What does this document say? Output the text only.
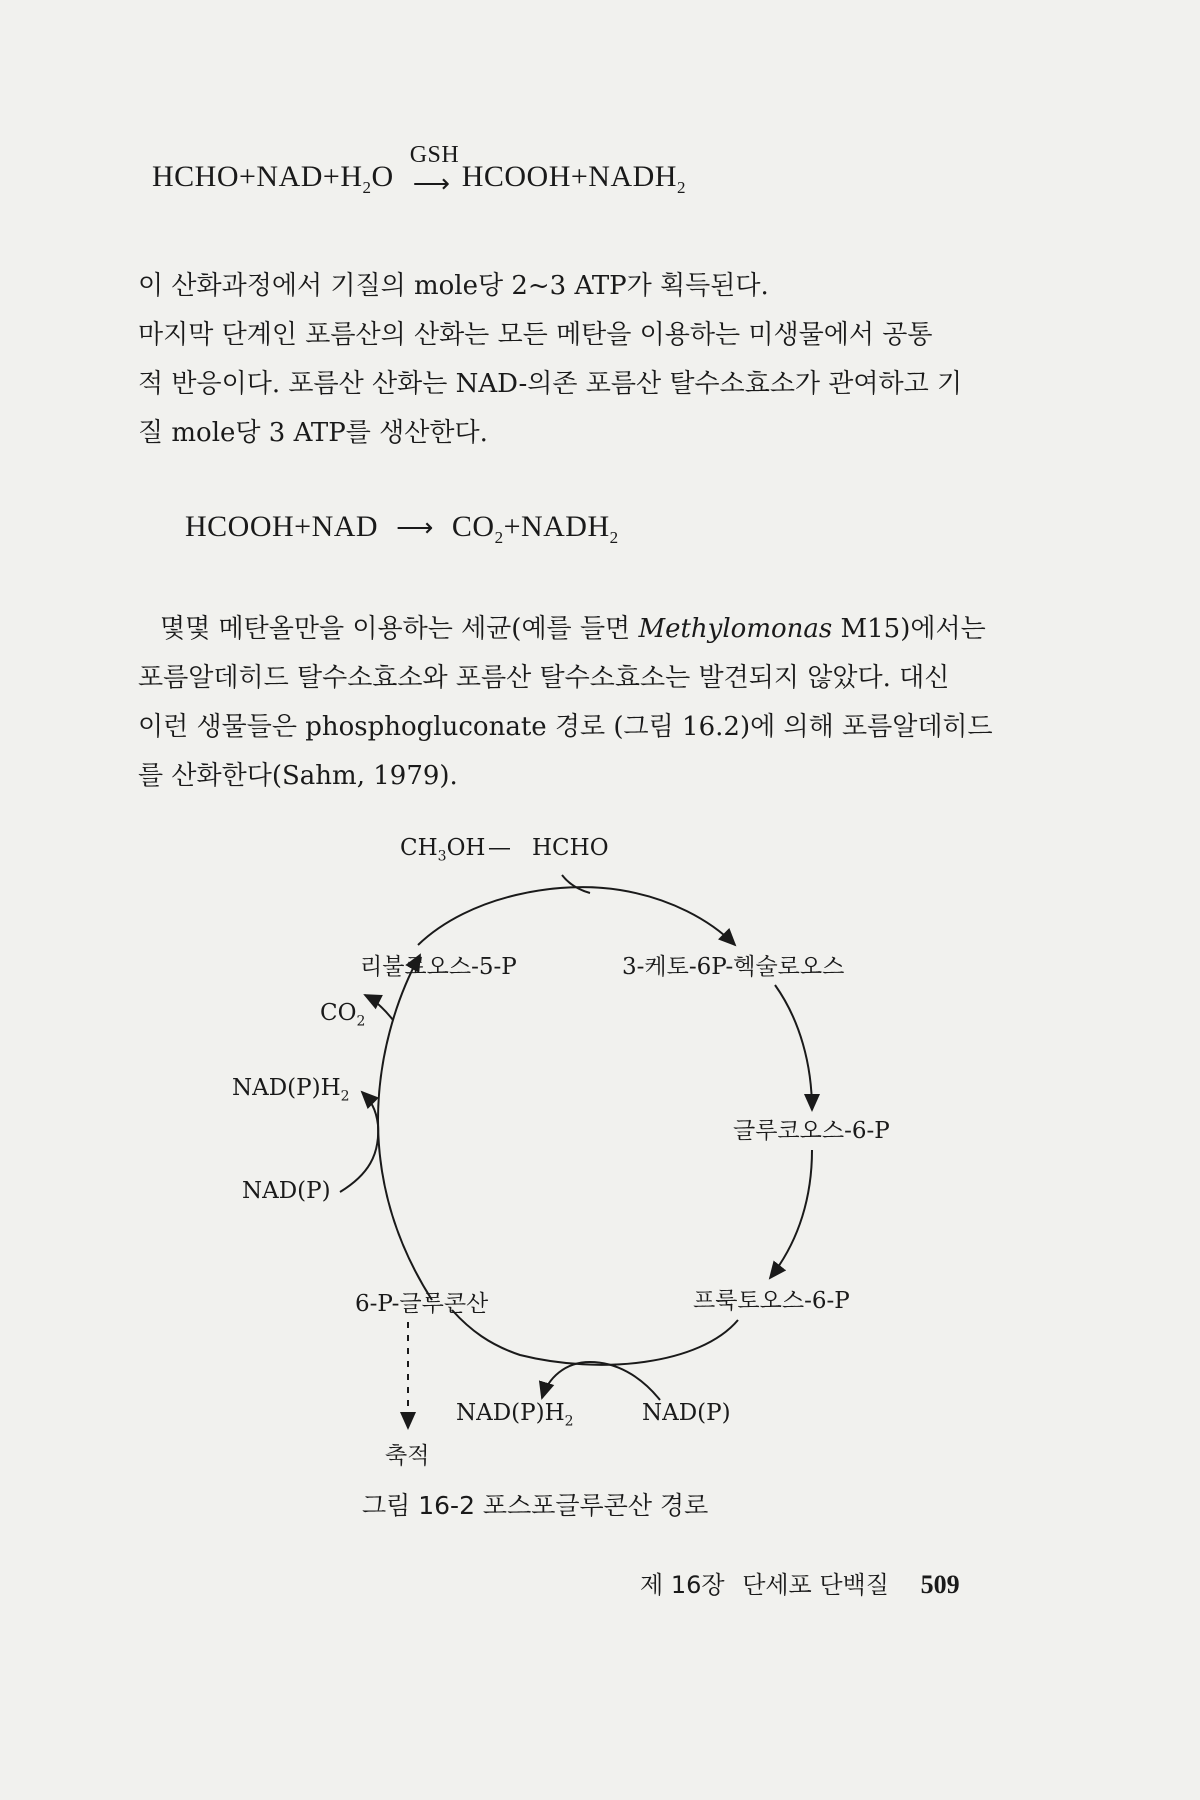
$HCHO+NAD+H_2O$
GSH
⟶ $HCOOH+NADH_2$
이 산화과정에서 기질의 mole당 2~3 ATP가 획득된다.
마지막 단계인 포름산의 산화는 모든 메탄을 이용하는 미생물에서 공통
적 반응이다. 포름산 산화는 NAD-의존 포름산 탈수소효소가 관여하고 기
질 mole당 3 ATP를 생산한다.
HCOOH+NAD ⟶ $CO_2+NADH_2$
몇몇 메탄올만을 이용하는 세균(예를 들면 Methylomonas M15)에서는
포름알데히드 탈수소효소와 포름산 탈수소효소는 발견되지 않았다. 대신
이런 생물들은 phosphogluconate 경로 (그림 16.2)에 의해 포름알데히드
를 산화한다(Sahm, 1979).
$CH_3OH$ — HCHO
리불로오스-5-P	3-케토-6P-헥술로오스
$CO_2$
$NAD(P)H_2$
NAD(P)
글루코오스-6-P
6-P-글루콘산	프룩토오스-6-P
$NAD(P)H_2$	NAD(P)
축적
그림 16-2 포스포글루콘산 경로
제 16장 단세포 단백질 509
